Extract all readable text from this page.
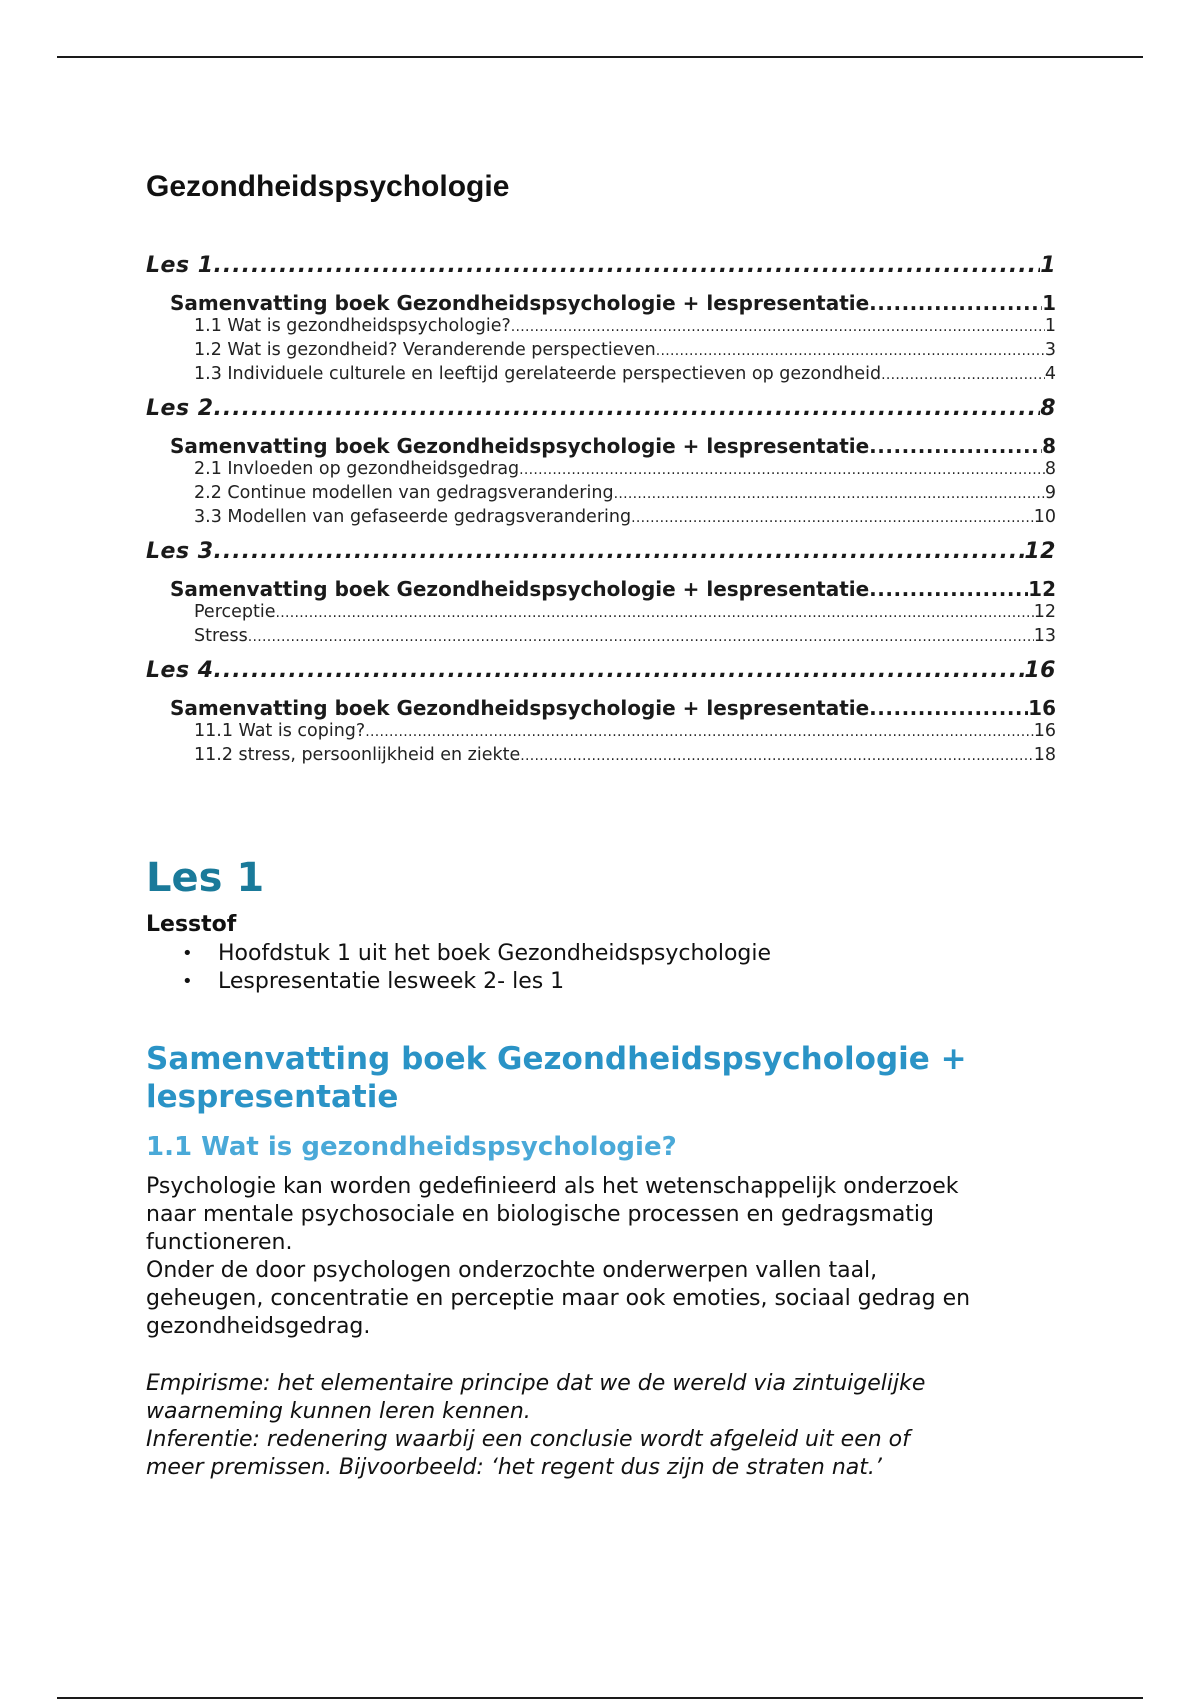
Gezondheidspsychologie
Les 1 .....	1
Samenvatting boek Gezondheidspsychologie + lespresentatie .....	1
1.1 Wat is gezondheidspsychologie? .....	1
1.2 Wat is gezondheid? Veranderende perspectieven .....	3
1.3 Individuele culturele en leeftijd gerelateerde perspectieven op gezondheid .....	4
Les 2 .....	8
Samenvatting boek Gezondheidspsychologie + lespresentatie .....	8
2.1 Invloeden op gezondheidsgedrag .....	8
2.2 Continue modellen van gedragsverandering .....	9
3.3 Modellen van gefaseerde gedragsverandering .....	10
Les 3 .....	12
Samenvatting boek Gezondheidspsychologie + lespresentatie .....	12
Perceptie .....	12
Stress .....	13
Les 4 .....	16
Samenvatting boek Gezondheidspsychologie + lespresentatie .....	16
11.1 Wat is coping? .....	16
11.2 stress, persoonlijkheid en ziekte .....	18
Les 1
Lesstof
• Hoofdstuk 1 uit het boek Gezondheidspsychologie
• Lespresentatie lesweek 2- les 1
Samenvatting boek Gezondheidspsychologie + lespresentatie
1.1 Wat is gezondheidspsychologie?
Psychologie kan worden gedefinieerd als het wetenschappelijk onderzoek
naar mentale psychosociale en biologische processen en gedragsmatig
functioneren.
Onder de door psychologen onderzochte onderwerpen vallen taal,
geheugen, concentratie en perceptie maar ook emoties, sociaal gedrag en
gezondheidsgedrag.
Empirisme: het elementaire principe dat we de wereld via zintuigelijke
waarneming kunnen leren kennen.
Inferentie: redenering waarbij een conclusie wordt afgeleid uit een of
meer premissen. Bijvoorbeeld: ‘het regent dus zijn de straten nat.’
